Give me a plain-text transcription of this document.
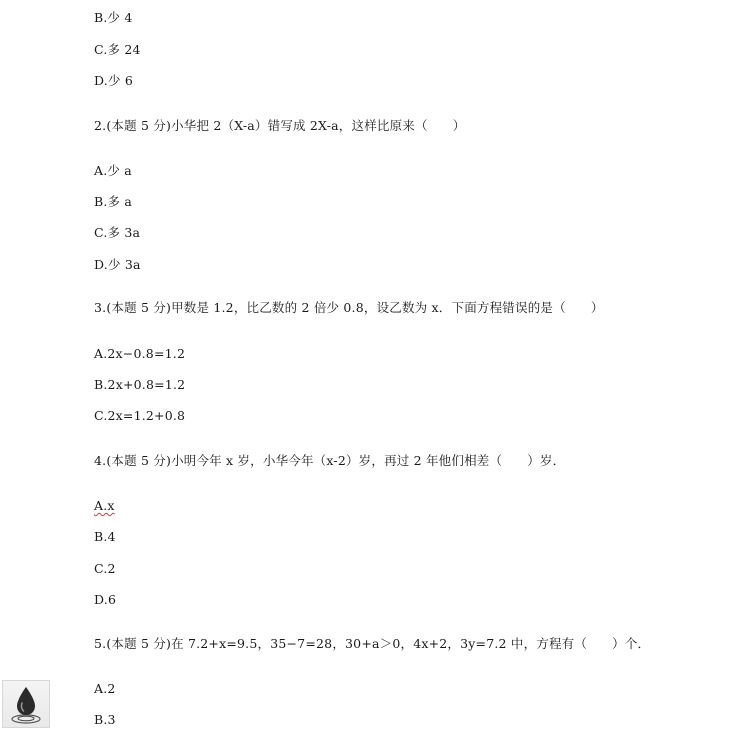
B.少 4
C.多 24
D.少 6
2.(本题 5 分)小华把 2（X-a）错写成 2X-a，这样比原来（      ）
A.少 a
B.多 a
C.多 3a
D.少 3a
3.(本题 5 分)甲数是 1.2，比乙数的 2 倍少 0.8，设乙数为 x．下面方程错误的是（      ）
A.2x−0.8=1.2
B.2x+0.8=1.2
C.2x=1.2+0.8
4.(本题 5 分)小明今年 x 岁，小华今年（x-2）岁，再过 2 年他们相差（      ）岁．
A.x
B.4
C.2
D.6
5.(本题 5 分)在 7.2+x=9.5，35−7=28，30+a＞0，4x+2，3y=7.2 中，方程有（      ）个．
A.2
B.3
